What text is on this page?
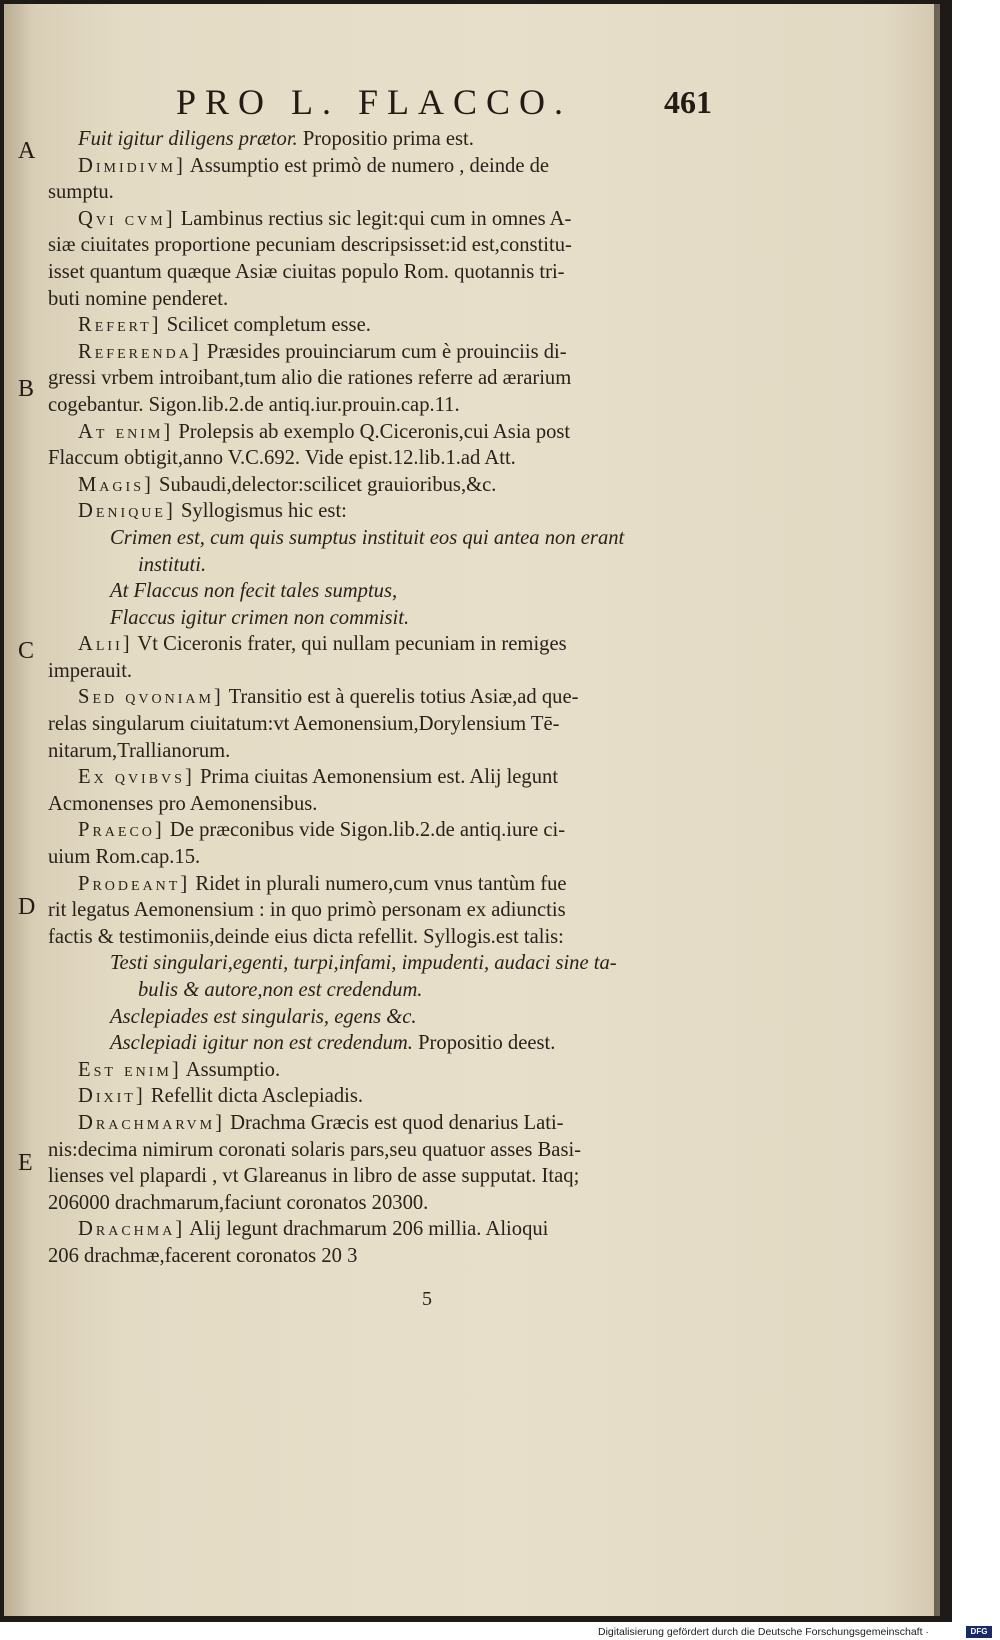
PRO L. FLACCO.	461
A
B
C
D
E
Fuit igitur diligens prætor. Propositio prima est.
Dimidivm] Assumptio est primò de numero , deinde de
sumptu.
Qvi cvm] Lambinus rectius sic legit:qui cum in omnes A-
siæ ciuitates proportione pecuniam descripsisset:id est,constitu-
isset quantum quæque Asiæ ciuitas populo Rom. quotannis tri-
buti nomine penderet.
Refert] Scilicet completum esse.
Referenda] Præsides prouinciarum cum è prouinciis di-
gressi vrbem introibant,tum alio die rationes referre ad ærarium
cogebantur. Sigon.lib.2.de antiq.iur.prouin.cap.11.
At enim] Prolepsis ab exemplo Q.Ciceronis,cui Asia post
Flaccum obtigit,anno V.C.692. Vide epist.12.lib.1.ad Att.
Magis] Subaudi,delector:scilicet grauioribus,&c.
Denique] Syllogismus hic est:
Crimen est, cum quis sumptus instituit eos qui antea non erant
instituti.
At Flaccus non fecit tales sumptus,
Flaccus igitur crimen non commisit.
Alii] Vt Ciceronis frater, qui nullam pecuniam in remiges
imperauit.
Sed qvoniam] Transitio est à querelis totius Asiæ,ad que-
relas singularum ciuitatum:vt Aemonensium,Dorylensium Tē-
nitarum,Trallianorum.
Ex qvibvs] Prima ciuitas Aemonensium est. Alij legunt
Acmonenses pro Aemonensibus.
Praeco] De præconibus vide Sigon.lib.2.de antiq.iure ci-
uium Rom.cap.15.
Prodeant] Ridet in plurali numero,cum vnus tantùm fue
rit legatus Aemonensium : in quo primò personam ex adiunctis
factis & testimoniis,deinde eius dicta refellit. Syllogis.est talis:
Testi singulari,egenti, turpi,infami, impudenti, audaci sine ta-
bulis & autore,non est credendum.
Asclepiades est singularis, egens &c.
Asclepiadi igitur non est credendum. Propositio deest.
Est enim] Assumptio.
Dixit] Refellit dicta Asclepiadis.
Drachmarvm] Drachma Græcis est quod denarius Lati-
nis:decima nimirum coronati solaris pars,seu quatuor asses Basi-
lienses vel plapardi , vt Glareanus in libro de asse supputat. Itaq;
206000 drachmarum,faciunt coronatos 20300.
Drachma] Alij legunt drachmarum 206 millia. Alioqui
206 drachmæ,facerent coronatos 20 3
5
Digitalisierung gefördert durch die Deutsche Forschungsgemeinschaft ·	DFG
